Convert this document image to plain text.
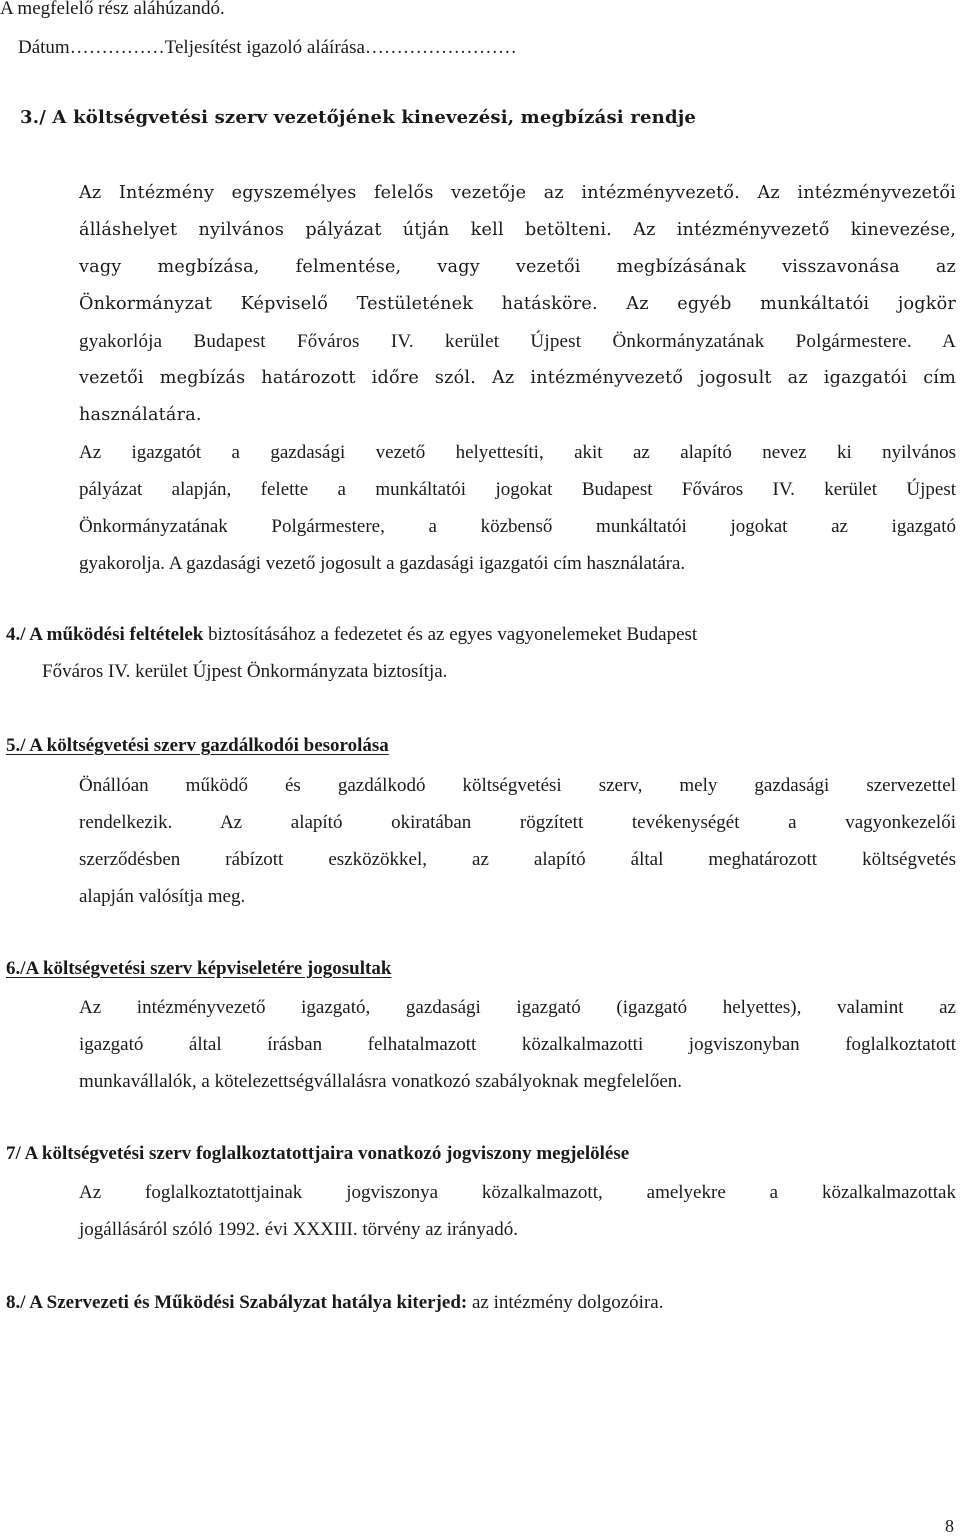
A megfelelő rész aláhúzandó.
Dátum……………Teljesítést igazoló aláírása……………………
3./ A költségvetési szerv vezetőjének kinevezési, megbízási rendje
Az Intézmény egyszemélyes felelős vezetője az intézményvezető. Az intézményvezetői
álláshelyet nyilvános pályázat útján kell betölteni. Az intézményvezető kinevezése,
vagy megbízása, felmentése, vagy vezetői megbízásának visszavonása az
Önkormányzat Képviselő Testületének hatásköre. Az egyéb munkáltatói jogkör
gyakorlója Budapest Főváros IV. kerület Újpest Önkormányzatának Polgármestere. A
vezetői megbízás határozott időre szól. Az intézményvezető jogosult az igazgatói cím
használatára.
Az igazgatót a gazdasági vezető helyettesíti, akit az alapító nevez ki nyilvános
pályázat alapján, felette a munkáltatói jogokat Budapest Főváros IV. kerület Újpest
Önkormányzatának Polgármestere, a közbenső munkáltatói jogokat az igazgató
gyakorolja. A gazdasági vezető jogosult a gazdasági igazgatói cím használatára.
4./ A működési feltételek biztosításához a fedezetet és az egyes vagyonelemeket Budapest
Főváros IV. kerület Újpest Önkormányzata biztosítja.
5./ A költségvetési szerv gazdálkodói besorolása
Önállóan működő és gazdálkodó költségvetési szerv, mely gazdasági szervezettel
rendelkezik. Az alapító okiratában rögzített tevékenységét a vagyonkezelői
szerződésben rábízott eszközökkel, az alapító által meghatározott költségvetés
alapján valósítja meg.
6./A költségvetési szerv képviseletére jogosultak
Az intézményvezető igazgató, gazdasági igazgató (igazgató helyettes), valamint az
igazgató által írásban felhatalmazott közalkalmazotti jogviszonyban foglalkoztatott
munkavállalók, a kötelezettségvállalásra vonatkozó szabályoknak megfelelően.
7/ A költségvetési szerv foglalkoztatottjaira vonatkozó jogviszony megjelölése
Az foglalkoztatottjainak jogviszonya közalkalmazott, amelyekre a közalkalmazottak
jogállásáról szóló 1992. évi XXXIII. törvény az irányadó.
8./ A Szervezeti és Működési Szabályzat hatálya kiterjed: az intézmény dolgozóira.
8
